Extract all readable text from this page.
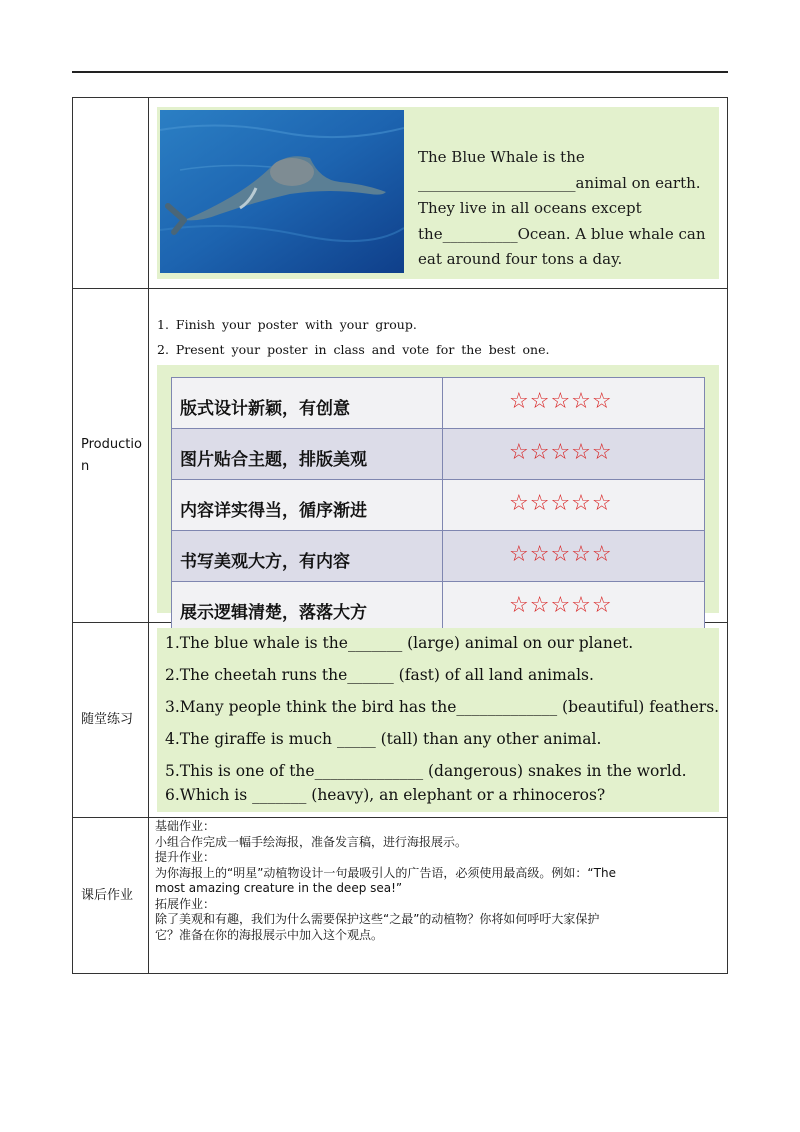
The Blue Whale is the
_____________________animal on earth.
They live in all oceans except
the__________Ocean. A blue whale can
eat around four tons a day.

Production

1. Finish your poster with your group.
2. Present your poster in class and vote for the best one.
版式设计新颖，有创意	☆☆☆☆☆
图片贴合主题，排版美观	☆☆☆☆☆
内容详实得当，循序渐进	☆☆☆☆☆
书写美观大方，有内容	☆☆☆☆☆
展示逻辑清楚，落落大方	☆☆☆☆☆

随堂练习

1.The blue whale is the_______ (large) animal on our planet.
2.The cheetah runs the______ (fast) of all land animals.
3.Many people think the bird has the_____________ (beautiful) feathers.
4.The giraffe is much _____ (tall) than any other animal.
5.This is one of the______________ (dangerous) snakes in the world.
6.Which is _______ (heavy), an elephant or a rhinoceros?

课后作业

基础作业：
小组合作完成一幅手绘海报，准备发言稿，进行海报展示。
提升作业：
为你海报上的“明星”动植物设计一句最吸引人的广告语，必须使用最高级。例如：“The
most amazing creature in the deep sea!”
拓展作业：
除了美观和有趣，我们为什么需要保护这些“之最”的动植物？你将如何呼吁大家保护
它？准备在你的海报展示中加入这个观点。
